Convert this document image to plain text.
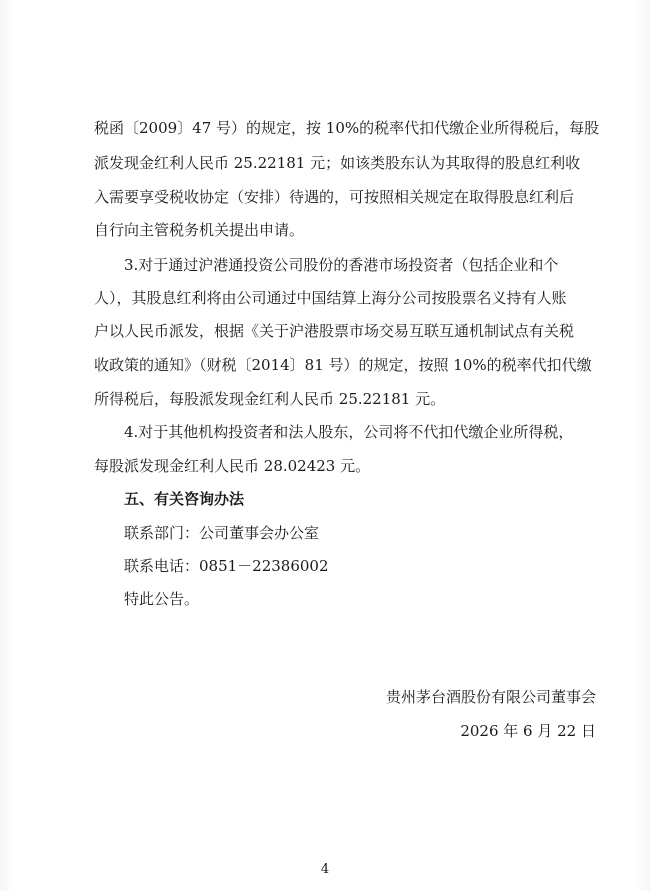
税函〔2009〕47 号）的规定，按 10%的税率代扣代缴企业所得税后，每股

派发现金红利人民币 25.22181 元；如该类股东认为其取得的股息红利收

入需要享受税收协定（安排）待遇的，可按照相关规定在取得股息红利后

自行向主管税务机关提出申请。

3.对于通过沪港通投资公司股份的香港市场投资者（包括企业和个

人），其股息红利将由公司通过中国结算上海分公司按股票名义持有人账

户以人民币派发，根据《关于沪港股票市场交易互联互通机制试点有关税

收政策的通知》（财税〔2014〕81 号）的规定，按照 10%的税率代扣代缴

所得税后，每股派发现金红利人民币 25.22181 元。

4.对于其他机构投资者和法人股东，公司将不代扣代缴企业所得税，

每股派发现金红利人民币 28.02423 元。

五、有关咨询办法

联系部门：公司董事会办公室

联系电话：0851－22386002

特此公告。

贵州茅台酒股份有限公司董事会

2026 年 6 月 22 日

4
